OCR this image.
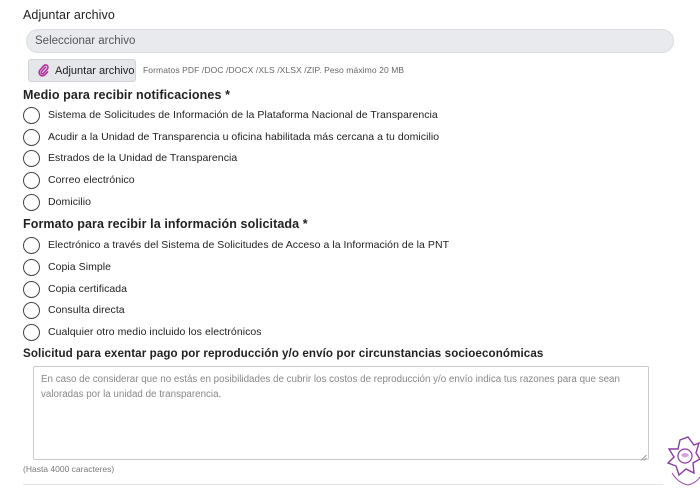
Adjuntar archivo
Seleccionar archivo
Adjuntar archivo Formatos PDF /DOC /DOCX /XLS /XLSX /ZIP. Peso máximo 20 MB
Medio para recibir notificaciones *
Sistema de Solicitudes de Información de la Plataforma Nacional de Transparencia
Acudir a la Unidad de Transparencia u oficina habilitada más cercana a tu domicilio
Estrados de la Unidad de Transparencia
Correo electrónico
Domicilio
Formato para recibir la información solicitada *
Electrónico a través del Sistema de Solicitudes de Acceso a la Información de la PNT
Copia Simple
Copia certificada
Consulta directa
Cualquier otro medio incluido los electrónicos
Solicitud para exentar pago por reproducción y/o envío por circunstancias socioeconómicas
En caso de considerar que no estás en posibilidades de cubrir los costos de reproducción y/o envío indica tus razones para que sean valoradas por la unidad de transparencia.
(Hasta 4000 caracteres)
